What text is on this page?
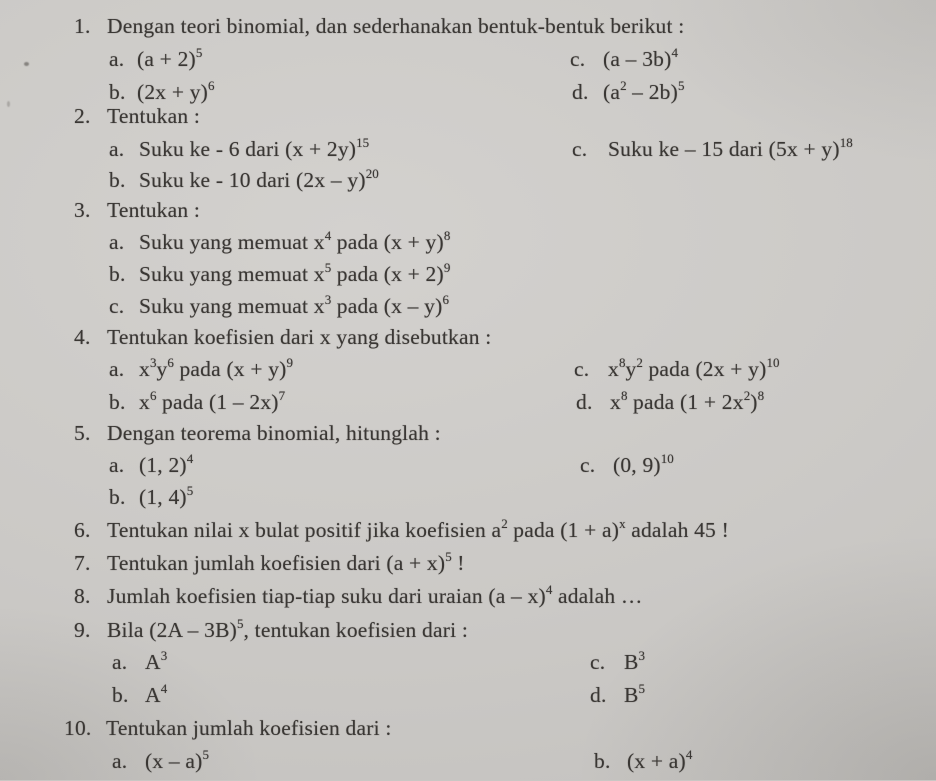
1. Dengan teori binomial, dan sederhanakan bentuk-bentuk berikut :
a. $(a + 2)^5$	c. (a – 3b)$^4$
b. $(2x + y)^6$	d. $(a^2 - 2b)^5$
2. Tentukan :
a. Suku ke - 6 dari $(x + 2y)^{15}$	c. Suku ke – 15 dari $(5x + y)^{18}$
b. Suku ke - 10 dari (2x – y)$^{20}$
3. Tentukan :
a. Suku yang memuat $x^4$ pada $(x + y)^8$
b. Suku yang memuat $x^5$ pada $(x + 2)^9$
c. Suku yang memuat $x^3$ pada (x – y)$^6$
4. Tentukan koefisien dari x yang disebutkan :
a. $x^3y^6$ pada $(x + y)^9$	c. $x^8y^2$ pada $(2x + y)^{10}$
b. $x^6$ pada (1 – 2x)$^7$	d. $x^8$ pada $(1 + 2x^2)^8$
5. Dengan teorema binomial, hitunglah :
a. (1, 2)$^4$	c. (0, 9)$^{10}$
b. (1, 4)$^5$
6. Tentukan nilai x bulat positif jika koefisien $a^2$ pada $(1 + a)^x$ adalah 45 !
7. Tentukan jumlah koefisien dari $(a + x)^5$ !
8. Jumlah koefisien tiap-tiap suku dari uraian (a – x)$^4$ adalah …
9. Bila (2A – 3B)$^5$, tentukan koefisien dari :
a. $A^3$	c. $B^3$
b. $A^4$	d. $B^5$
10. Tentukan jumlah koefisien dari :
a. (x – a)$^5$	b. $(x + a)^4$
